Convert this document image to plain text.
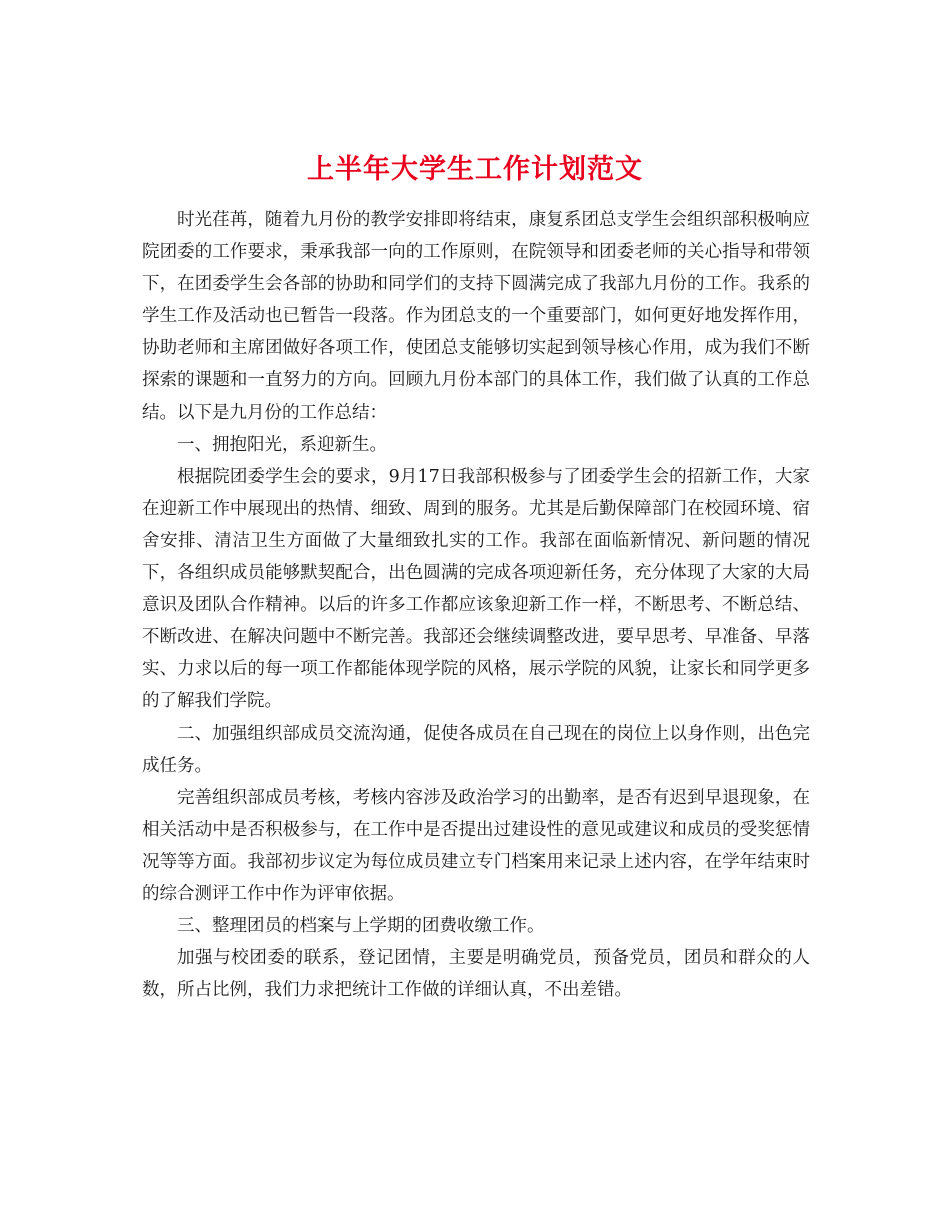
上半年大学生工作计划范文

时光荏苒，随着九月份的教学安排即将结束，康复系团总支学生会组织部积极响应院团委的工作要求，秉承我部一向的工作原则，在院领导和团委老师的关心指导和带领下，在团委学生会各部的协助和同学们的支持下圆满完成了我部九月份的工作。我系的学生工作及活动也已暂告一段落。作为团总支的一个重要部门，如何更好地发挥作用，协助老师和主席团做好各项工作，使团总支能够切实起到领导核心作用，成为我们不断探索的课题和一直努力的方向。回顾九月份本部门的具体工作，我们做了认真的工作总结。以下是九月份的工作总结：

一、拥抱阳光，系迎新生。

根据院团委学生会的要求，9月17日我部积极参与了团委学生会的招新工作，大家在迎新工作中展现出的热情、细致、周到的服务。尤其是后勤保障部门在校园环境、宿舍安排、清洁卫生方面做了大量细致扎实的工作。我部在面临新情况、新问题的情况下，各组织成员能够默契配合，出色圆满的完成各项迎新任务，充分体现了大家的大局意识及团队合作精神。以后的许多工作都应该象迎新工作一样，不断思考、不断总结、不断改进、在解决问题中不断完善。我部还会继续调整改进，要早思考、早准备、早落实、力求以后的每一项工作都能体现学院的风格，展示学院的风貌，让家长和同学更多的了解我们学院。

二、加强组织部成员交流沟通，促使各成员在自己现在的岗位上以身作则，出色完成任务。

完善组织部成员考核，考核内容涉及政治学习的出勤率，是否有迟到早退现象，在相关活动中是否积极参与，在工作中是否提出过建设性的意见或建议和成员的受奖惩情况等等方面。我部初步议定为每位成员建立专门档案用来记录上述内容，在学年结束时的综合测评工作中作为评审依据。

三、整理团员的档案与上学期的团费收缴工作。

加强与校团委的联系，登记团情，主要是明确党员，预备党员，团员和群众的人数，所占比例，我们力求把统计工作做的详细认真，不出差错。
